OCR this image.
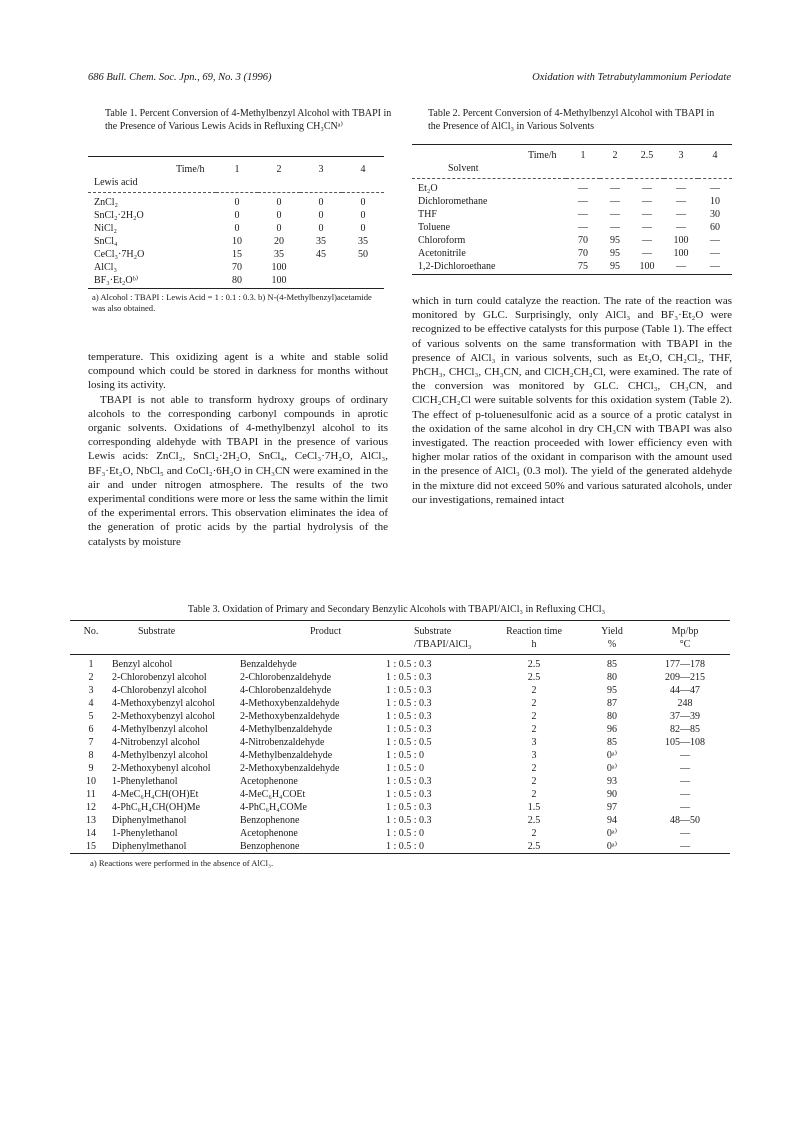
686 Bull. Chem. Soc. Jpn., 69, No. 3 (1996)	Oxidation with Tetrabutylammonium Periodate
Table 1. Percent Conversion of 4-Methylbenzyl Alcohol with TBAPI in the Presence of Various Lewis Acids in Refluxing CH₃CNᵃ⁾

Time/h	1	2	3	4
Lewis acid				
ZnCl₂	0	0	0	0
SnCl₂·2H₂O	0	0	0	0
NiCl₂	0	0	0	0
SnCl₄	10	20	35	35
CeCl₃·7H₂O	15	35	45	50
AlCl₃	70	100		
BF₃·Et₂Oᵇ⁾	80	100		
a) Alcohol : TBAPI : Lewis Acid = 1 : 0.1 : 0.3. b) N-(4-Methylbenzyl)acetamide was also obtained.
Table 2. Percent Conversion of 4-Methylbenzyl Alcohol with TBAPI in the Presence of AlCl₃ in Various Solvents

Time/h	1	2	2.5	3	4
Solvent					
Et₂O	—	—	—	—	—
Dichloromethane	—	—	—	—	10
THF	—	—	—	—	30
Toluene	—	—	—	—	60
Chloroform	70	95	—	100	—
Acetonitrile	70	95	—	100	—
1,2-Dichloroethane	75	95	100	—	—

temperature. This oxidizing agent is a white and stable solid compound which could be stored in darkness for months without losing its activity.

TBAPI is not able to transform hydroxy groups of ordinary alcohols to the corresponding carbonyl compounds in aprotic organic solvents. Oxidations of 4-methylbenzyl alcohol to its corresponding aldehyde with TBAPI in the presence of various Lewis acids: ZnCl₂, SnCl₂·2H₂O, SnCl₄, CeCl₃·7H₂O, AlCl₃, BF₃·Et₂O, NbCl₅ and CoCl₂·6H₂O in CH₃CN were examined in the air and under nitrogen atmosphere. The results of the two experimental conditions were more or less the same within the limit of the experimental errors. This observation eliminates the idea of the generation of protic acids by the partial hydrolysis of the catalysts by moisture

which in turn could catalyze the reaction. The rate of the reaction was monitored by GLC. Surprisingly, only AlCl₃ and BF₃·Et₂O were recognized to be effective catalysts for this purpose (Table 1). The effect of various solvents on the same transformation with TBAPI in the presence of AlCl₃ in various solvents, such as Et₂O, CH₂Cl₂, THF, PhCH₃, CHCl₃, CH₃CN, and ClCH₂CH₂Cl, were examined. The rate of the conversion was monitored by GLC. CHCl₃, CH₃CN, and ClCH₂CH₂Cl were suitable solvents for this oxidation system (Table 2). The effect of p-toluenesulfonic acid as a source of a protic catalyst in the oxidation of the same alcohol in dry CH₃CN with TBAPI was also investigated. The reaction proceeded with lower efficiency even with higher molar ratios of the oxidant in comparison with the amount used in the presence of AlCl₃ (0.3 mol). The yield of the generated aldehyde in the mixture did not exceed 50% and various saturated alcohols, under our investigations, remained intact

Table 3. Oxidation of Primary and Secondary Benzylic Alcohols with TBAPI/AlCl₃ in Refluxing CHCl₃
No.	Substrate	Product	Substrate	Reaction time	Yield	Mp/bp
			/TBAPI/AlCl₃	h	%	°C
1	Benzyl alcohol	Benzaldehyde	1 : 0.5 : 0.3	2.5	85	177—178
2	2-Chlorobenzyl alcohol	2-Chlorobenzaldehyde	1 : 0.5 : 0.3	2.5	80	209—215
3	4-Chlorobenzyl alcohol	4-Chlorobenzaldehyde	1 : 0.5 : 0.3	2	95	44—47
4	4-Methoxybenzyl alcohol	4-Methoxybenzaldehyde	1 : 0.5 : 0.3	2	87	248
5	2-Methoxybenzyl alcohol	2-Methoxybenzaldehyde	1 : 0.5 : 0.3	2	80	37—39
6	4-Methylbenzyl alcohol	4-Methylbenzaldehyde	1 : 0.5 : 0.3	2	96	82—85
7	4-Nitrobenzyl alcohol	4-Nitrobenzaldehyde	1 : 0.5 : 0.5	3	85	105—108
8	4-Methylbenzyl alcohol	4-Methylbenzaldehyde	1 : 0.5 : 0	3	0ᵃ⁾	—
9	2-Methoxybenyl alcohol	2-Methoxybenzaldehyde	1 : 0.5 : 0	2	0ᵃ⁾	—
10	1-Phenylethanol	Acetophenone	1 : 0.5 : 0.3	2	93	—
11	4-MeC₆H₄CH(OH)Et	4-MeC₆H₄COEt	1 : 0.5 : 0.3	2	90	—
12	4-PhC₆H₄CH(OH)Me	4-PhC₆H₄COMe	1 : 0.5 : 0.3	1.5	97	—
13	Diphenylmethanol	Benzophenone	1 : 0.5 : 0.3	2.5	94	48—50
14	1-Phenylethanol	Acetophenone	1 : 0.5 : 0	2	0ᵃ⁾	—
15	Diphenylmethanol	Benzophenone	1 : 0.5 : 0	2.5	0ᵃ⁾	—
a) Reactions were performed in the absence of AlCl₃.
